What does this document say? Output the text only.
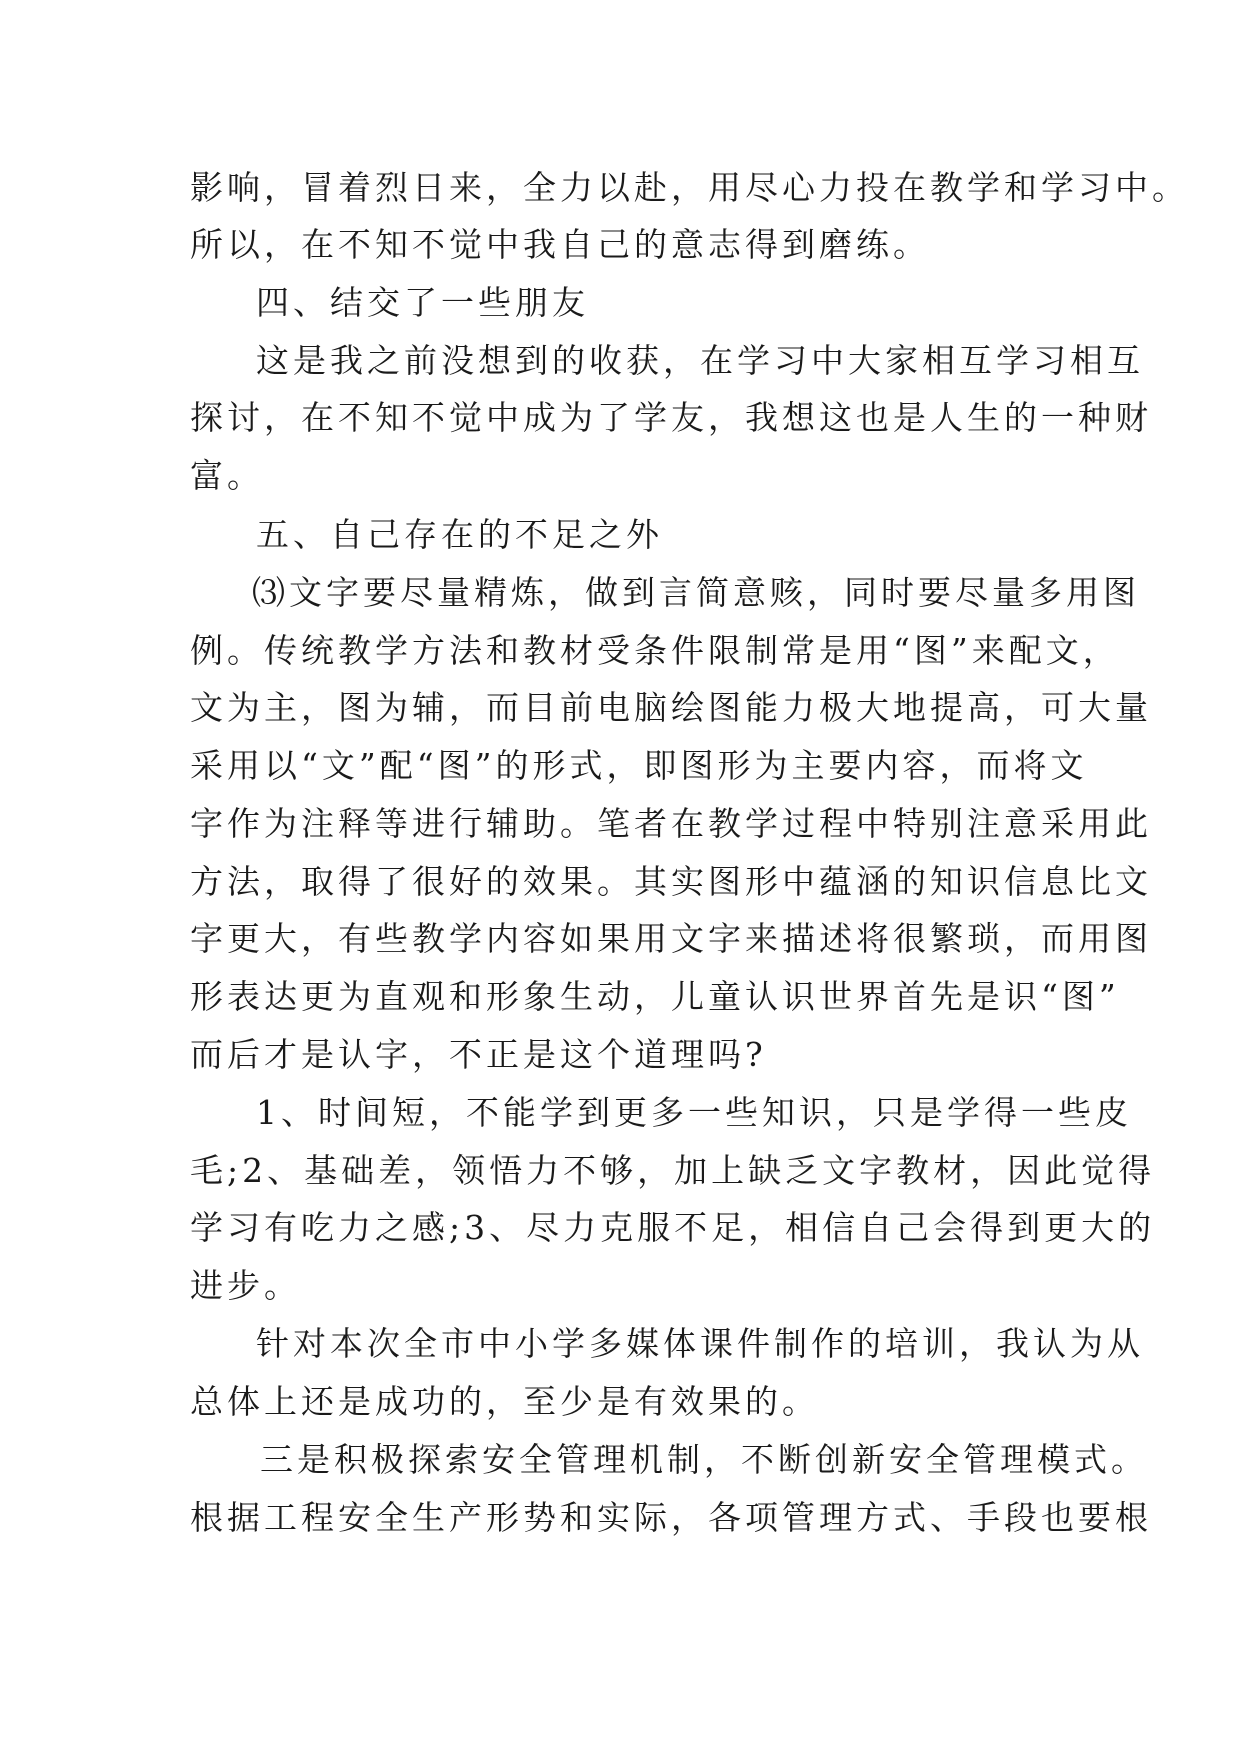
影响，冒着烈日来，全力以赴，用尽心力投在教学和学习中。
所以，在不知不觉中我自己的意志得到磨练。
四、结交了一些朋友
这是我之前没想到的收获，在学习中大家相互学习相互
探讨，在不知不觉中成为了学友，我想这也是人生的一种财
富。
五、自己存在的不足之外
⑶文字要尽量精炼，做到言简意赅，同时要尽量多用图
例。传统教学方法和教材受条件限制常是用“图”来配文，
文为主，图为辅，而目前电脑绘图能力极大地提高，可大量
采用以“文”配“图”的形式，即图形为主要内容，而将文
字作为注释等进行辅助。笔者在教学过程中特别注意采用此
方法，取得了很好的效果。其实图形中蕴涵的知识信息比文
字更大，有些教学内容如果用文字来描述将很繁琐，而用图
形表达更为直观和形象生动，儿童认识世界首先是识“图”
而后才是认字，不正是这个道理吗?
1、时间短，不能学到更多一些知识，只是学得一些皮
毛;2、基础差，领悟力不够，加上缺乏文字教材，因此觉得
学习有吃力之感;3、尽力克服不足，相信自己会得到更大的
进步。
针对本次全市中小学多媒体课件制作的培训，我认为从
总体上还是成功的，至少是有效果的。
三是积极探索安全管理机制，不断创新安全管理模式。
根据工程安全生产形势和实际，各项管理方式、手段也要根
